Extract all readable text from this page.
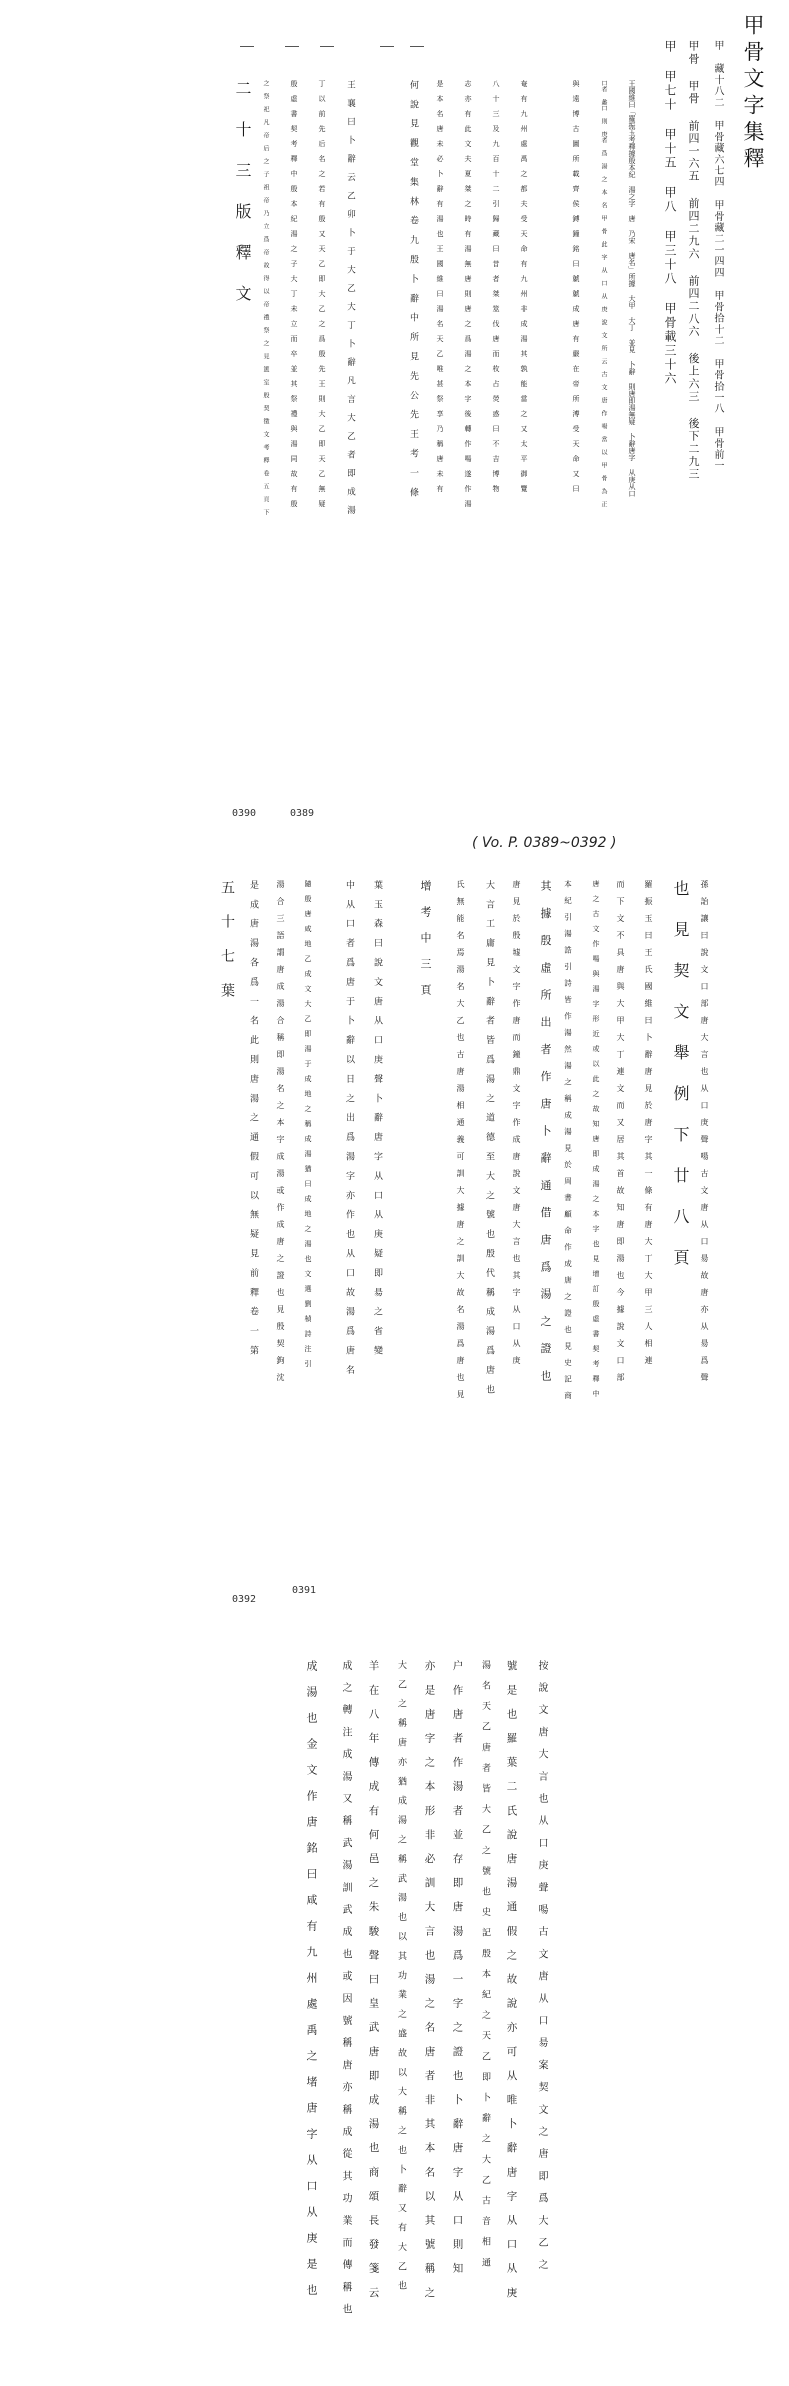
甲骨文字集釋
甲 藏十八二 甲骨藏六七四 甲骨藏二一四四 甲骨拾十二 甲骨拾一八 甲骨前一
甲骨 甲骨 前四一六五 前四二九六 前四二八六 後上六三 後下二九三
甲 甲七十 甲十五 甲八 甲三十八 甲骨載三十六
王國維曰「羅振玉考釋據殷本紀 湯之字 唐 乃宋 唐名」所據 大甲 大丁 並見 卜辭 則唐即湯無疑 卜辭唐字 从庚从口
口者 蠡口 則 庚者 爲 湯 之 本 名 甲 骨 此 字 从 口 从 庚 說 文 所 云 古 文 唐 作 啺 當 以 甲 骨 為 正
與 遠 博 古 圖 所 載 齊 侯 鎛 鐘 銘 曰 虩 虩 成 唐 有 嚴 在 帝 所 溥 受 天 命 又 曰
奄 有 九 州 處 禹 之 都 夫 受 天 命 有 九 州 非 成 湯 其 孰 能 當 之 又 太 平 御 覽
八 十 三 及 九 百 十 二 引 歸 藏 曰 昔 者 桀 筮 伐 唐 而 枚 占 熒 惑 曰 不 吉 博 物
志 亦 有 此 文 夫 夏 桀 之 時 有 湯 無 唐 則 唐 之 爲 湯 之 本 字 後 轉 作 啺 遂 作 湯
是 本 名 唐 未 必 卜 辭 有 湯 也 王 國 維 曰 湯 名 天 乙 唯 甚 祭 享 乃 稱 唐 未 有
何 說 見 觀 堂 集 林 卷 九 殷 卜 辭 中 所 見 先 公 先 王 考 一 條
王 襄 曰 卜 辭 云 乙 卯 卜 于 大 乙 大 丁 卜 辭 凡 言 大 乙 者 即 成 湯
丁 以 前 先 后 名 之 若 有 殷 又 天 乙 即 大 乙 之 爲 殷 先 王 則 大 乙 即 天 乙 無 疑
殷 虛 書 契 考 釋 中 殷 本 紀 湯 之 子 大 丁 未 立 而 卒 並 其 祭 禮 與 湯 同 故 有 殷
之 祭 祀 凡 帝 后 之 子 祖 帝 乃 立 爲 帝 故 得 以 帝 禮 祭 之 見 簠 室 殷 契 徵 文 考 釋 卷 五 頁 下
二 十 三 版 釋 文
0390	0389
( Vo. P. 0389~0392 )
孫 詒 讓 曰 說 文 口 部 唐 大 言 也 从 口 庚 聲 啺 古 文 唐 从 口 昜 故 唐 亦 从 昜 爲 聲
也 見 契 文 舉 例 下 廿 八 頁
羅 振 玉 曰 王 氏 國 維 曰 卜 辭 唐 見 於 唐 字 其 一 條 有 唐 大 丁 大 甲 三 人 相 連
而 下 文 不 具 唐 與 大 甲 大 丁 連 文 而 又 居 其 首 故 知 唐 即 湯 也 今 據 說 文 口 部
唐 之 古 文 作 啺 與 湯 字 形 近 或 以 此 之 故 知 唐 即 成 湯 之 本 字 也 見 增 訂 殷 虛 書 契 考 釋 中
本 紀 引 湯 誥 引 詩 皆 作 湯 然 湯 之 稱 成 湯 見 於 周 書 顧 命 作 成 唐 之 證 也 見 史 記 商
其 據 殷 虛 所 出 者 作 唐 卜 辭 通 借 唐 爲 湯 之 證 也
唐 見 於 殷 墟 文 字 作 唐 而 鐘 鼎 文 字 作 成 唐 說 文 唐 大 言 也 其 字 从 口 从 庚
大 言 工 庸 見 卜 辭 者 皆 爲 湯 之 道 德 至 大 之 號 也 殷 代 稱 成 湯 爲 唐 也
氏 無 能 名 焉 湯 名 大 乙 也 古 唐 湯 相 通 義 可 訓 大 據 唐 之 訓 大 故 名 湯 爲 唐 也 見
增 考 中 三 頁
葉 玉 森 曰 說 文 唐 从 口 庚 聲 卜 辭 唐 字 从 口 从 庚 疑 即 昜 之 省 變
中 从 口 者 爲 唐 于 卜 辭 以 日 之 出 爲 湯 字 亦 作 也 从 口 故 湯 爲 唐 名
隨 殷 唐 咸 地 乙 成 文 大 乙 即 湯 于 成 地 之 稱 成 湯 猶 曰 成 地 之 湯 也 文 選 劉 楨 詩 注 引
湯 合 三 語 謂 唐 成 湯 合 稱 即 湯 名 之 本 字 成 湯 或 作 成 唐 之 證 也 見 殷 契 鉤 沈
是 成 唐 湯 各 爲 一 名 此 則 唐 湯 之 通 假 可 以 無 疑 見 前 釋 卷 一 第
五 十 七 葉
0392
0391
按 說 文 唐 大 言 也 从 口 庚 聲 啺 古 文 唐 从 口 昜 案 契 文 之 唐 即 爲 大 乙 之
號 是 也 羅 葉 二 氏 說 唐 湯 通 假 之 故 說 亦 可 从 唯 卜 辭 唐 字 从 口 从 庚
湯 名 天 乙 唐 者 皆 大 乙 之 號 也 史 記 殷 本 紀 之 天 乙 即 卜 辭 之 大 乙 古 音 相 通
户 作 唐 者 作 湯 者 並 存 即 唐 湯 爲 一 字 之 證 也 卜 辭 唐 字 从 口 則 知
亦 是 唐 字 之 本 形 非 必 訓 大 言 也 湯 之 名 唐 者 非 其 本 名 以 其 號 稱 之
大 乙 之 稱 唐 亦 猶 成 湯 之 稱 武 湯 也 以 其 功 業 之 盛 故 以 大 稱 之 也 卜 辭 又 有 大 乙 也
羊 在 八 年 傳 成 有 何 邑 之 朱 駿 聲 曰 皇 武 唐 即 成 湯 也 商 頌 長 發 箋 云
成 之 轉 注 成 湯 又 稱 武 湯 訓 武 成 也 或 因 號 稱 唐 亦 稱 成 從 其 功 業 而 傳 稱 也
成 湯 也 金 文 作 唐 銘 曰 咸 有 九 州 處 禹 之 堵 唐 字 从 口 从 庚 是 也
